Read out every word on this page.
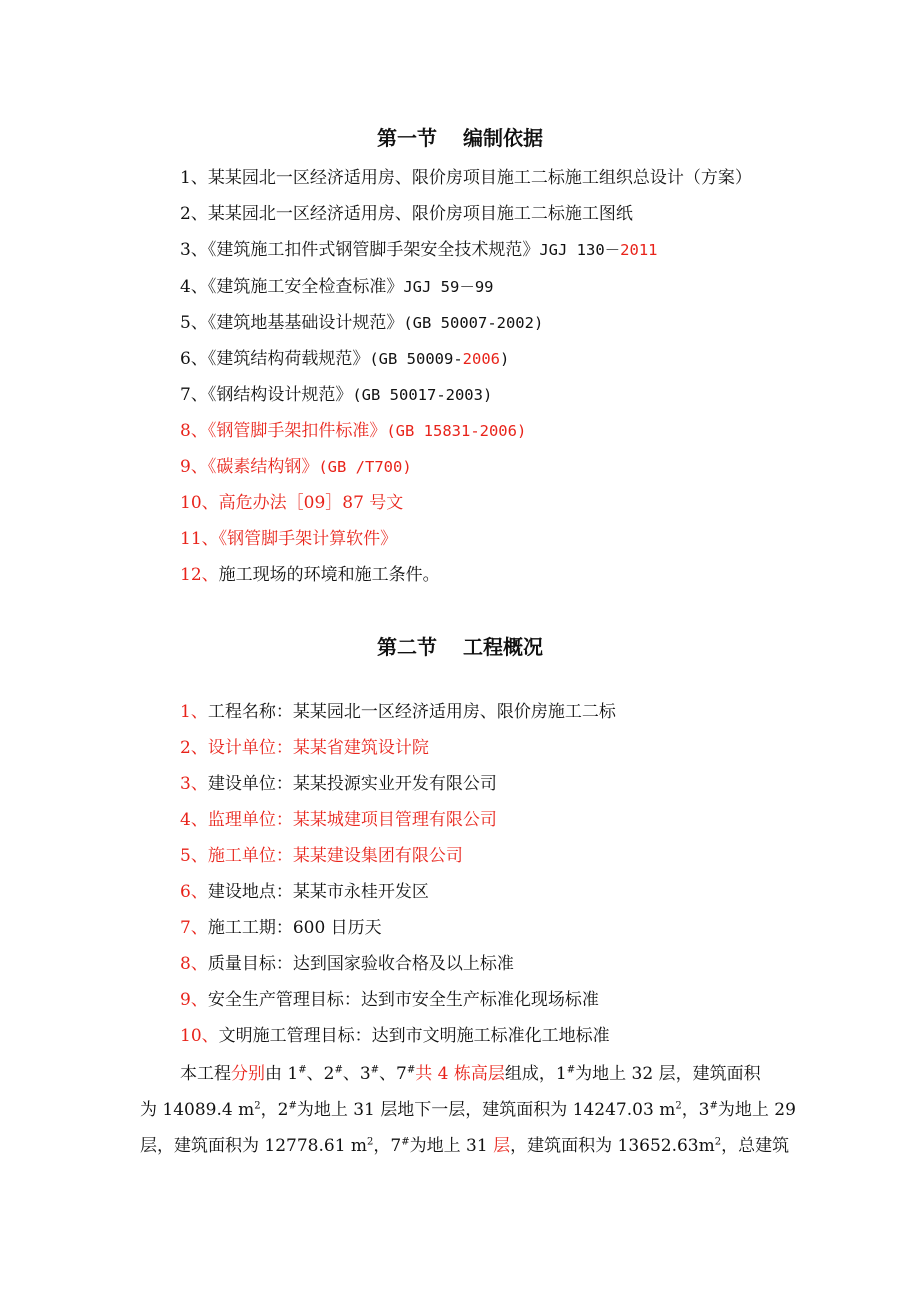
第一节 编制依据
1、某某园北一区经济适用房、限价房项目施工二标施工组织总设计（方案）
2、某某园北一区经济适用房、限价房项目施工二标施工图纸
3、《建筑施工扣件式钢管脚手架安全技术规范》JGJ 130－2011
4、《建筑施工安全检查标准》JGJ 59－99
5、《建筑地基基础设计规范》(GB 50007-2002)
6、《建筑结构荷载规范》(GB 50009-2006)
7、《钢结构设计规范》(GB 50017-2003)
8、《钢管脚手架扣件标准》(GB 15831-2006)
9、《碳素结构钢》(GB /T700)
10、高危办法［09］87 号文
11、《钢管脚手架计算软件》
12、施工现场的环境和施工条件。
第二节 工程概况
1、工程名称：某某园北一区经济适用房、限价房施工二标
2、设计单位：某某省建筑设计院
3、建设单位：某某投源实业开发有限公司
4、监理单位：某某城建项目管理有限公司
5、施工单位：某某建设集团有限公司
6、建设地点：某某市永桂开发区
7、施工工期：600 日历天
8、质量目标：达到国家验收合格及以上标准
9、安全生产管理目标：达到市安全生产标准化现场标准
10、文明施工管理目标：达到市文明施工标准化工地标准
本工程分别由 1#、2#、3#、7#共 4 栋高层组成，1#为地上 32 层，建筑面积
为 14089.4 $m^2$，2#为地上 31 层地下一层，建筑面积为 14247.03 $m^2$，3#为地上 29
层，建筑面积为 12778.61 $m^2$，7#为地上 31 层，建筑面积为 $13652.63m^2$，总建筑
